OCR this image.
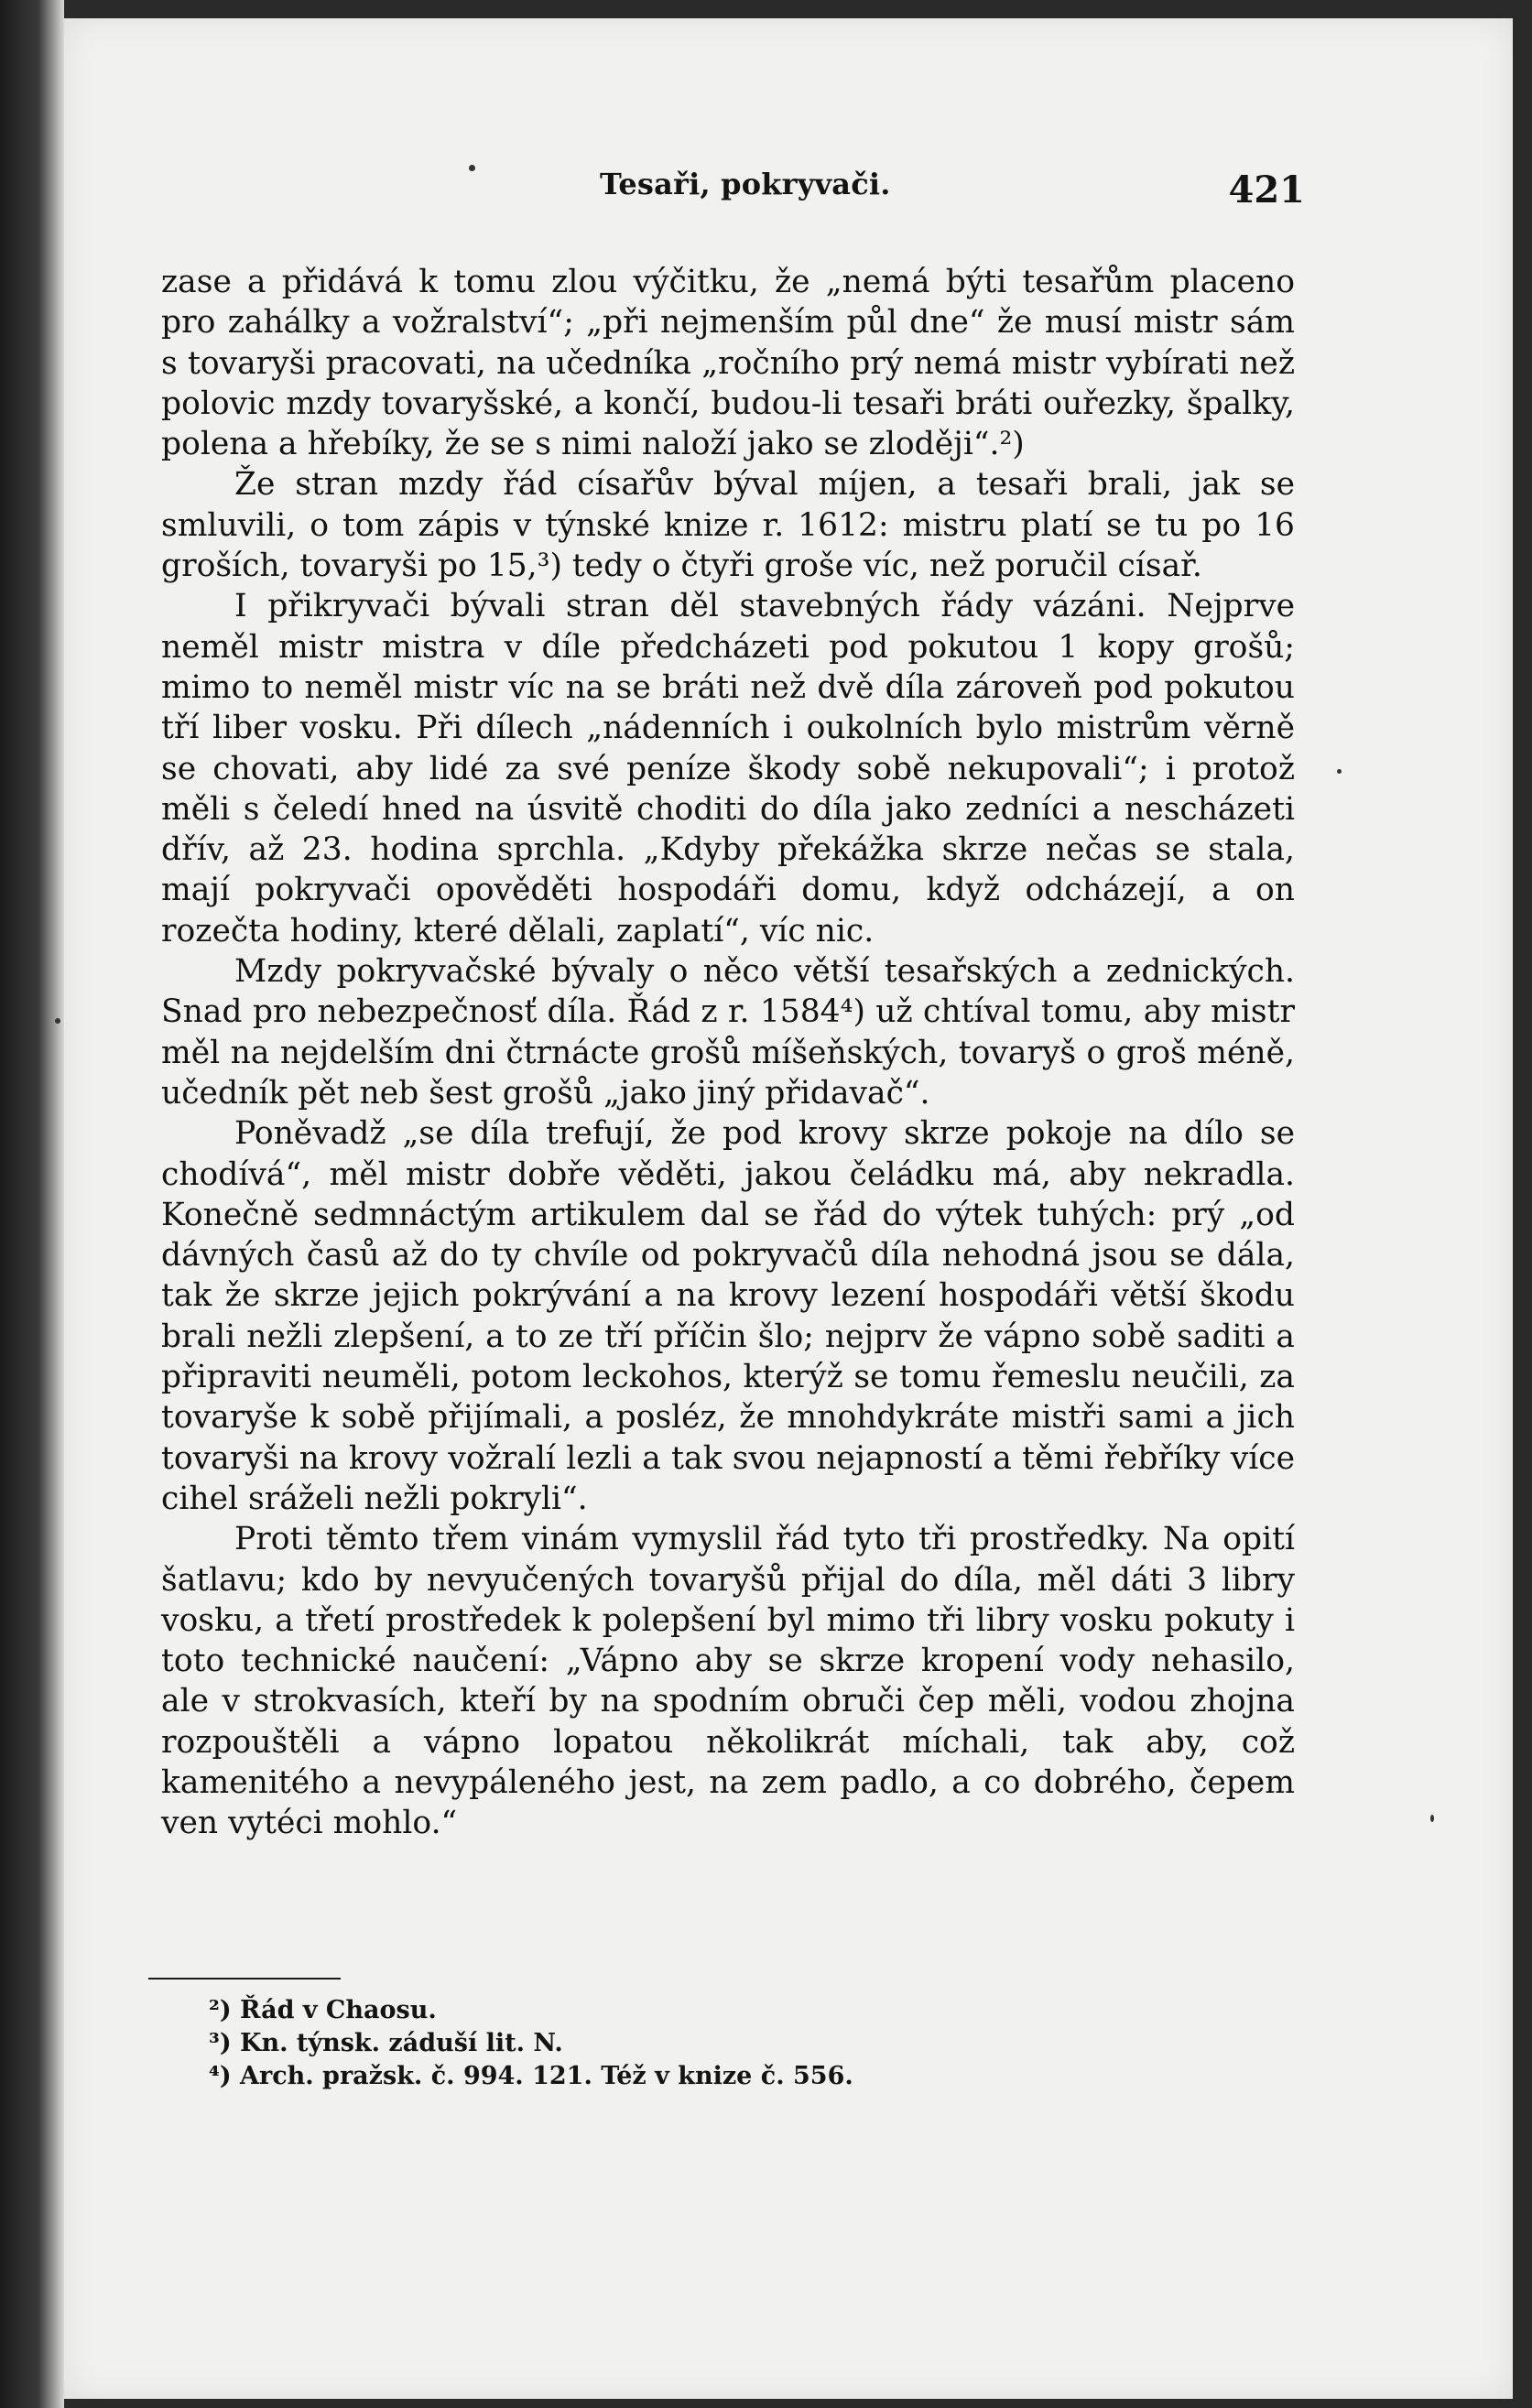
Tesaři, pokryvači.	421

zase a přidává k tomu zlou výčitku, že „nemá býti tesařům placeno pro zahálky a vožralství“; „při nejmenším půl dne“ že musí mistr sám s tovaryši pracovati, na učedníka „ročního prý nemá mistr vybírati než polovic mzdy tovaryšské, a končí, budou-li tesaři bráti ouřezky, špalky, polena a hřebíky, že se s nimi naloží jako se zloději“.²)

Že stran mzdy řád císařův býval míjen, a tesaři brali, jak se smluvili, o tom zápis v týnské knize r. 1612: mistru platí se tu po 16 groších, tovaryši po 15,³) tedy o čtyři groše víc, než poručil císař.

I přikryvači bývali stran děl stavebných řády vázáni. Nejprve neměl mistr mistra v díle předcházeti pod pokutou 1 kopy grošů; mimo to neměl mistr víc na se bráti než dvě díla zároveň pod pokutou tří liber vosku. Při dílech „nádenních i oukolních bylo mistrům věrně se chovati, aby lidé za své peníze škody sobě nekupovali“; i protož měli s čeledí hned na úsvitě choditi do díla jako zedníci a nescházeti dřív, až 23. hodina sprchla. „Kdyby překážka skrze nečas se stala, mají pokryvači opověděti hospodáři domu, když odcházejí, a on rozečta hodiny, které dělali, zaplatí“, víc nic.

Mzdy pokryvačské bývaly o něco větší tesařských a zednických. Snad pro nebezpečnosť díla. Řád z r. 1584⁴) už chtíval tomu, aby mistr měl na nejdelším dni čtrnácte grošů míšeňských, tovaryš o groš méně, učedník pět neb šest grošů „jako jiný přidavač“.

Poněvadž „se díla trefují, že pod krovy skrze pokoje na dílo se chodívá“, měl mistr dobře věděti, jakou čeládku má, aby nekradla. Konečně sedmnáctým artikulem dal se řád do výtek tuhých: prý „od dávných časů až do ty chvíle od pokryvačů díla nehodná jsou se dála, tak že skrze jejich pokrývání a na krovy lezení hospodáři větší škodu brali nežli zlepšení, a to ze tří příčin šlo; nejprv že vápno sobě saditi a připraviti neuměli, potom leckohos, kterýž se tomu řemeslu neučili, za tovaryše k sobě přijímali, a posléz, že mnohdykráte mistři sami a jich tovaryši na krovy vožralí lezli a tak svou nejapností a těmi řebříky více cihel sráželi nežli pokryli“.

Proti těmto třem vinám vymyslil řád tyto tři prostředky. Na opití šatlavu; kdo by nevyučených tovaryšů přijal do díla, měl dáti 3 libry vosku, a třetí prostředek k polepšení byl mimo tři libry vosku pokuty i toto technické naučení: „Vápno aby se skrze kropení vody nehasilo, ale v strokvasích, kteří by na spodním obruči čep měli, vodou zhojna rozpouštěli a vápno lopatou několikrát míchali, tak aby, což kamenitého a nevypáleného jest, na zem padlo, a co dobrého, čepem ven vytéci mohlo.“

²) Řád v Chaosu.
³) Kn. týnsk. záduší lit. N.
⁴) Arch. pražsk. č. 994. 121. Též v knize č. 556.
